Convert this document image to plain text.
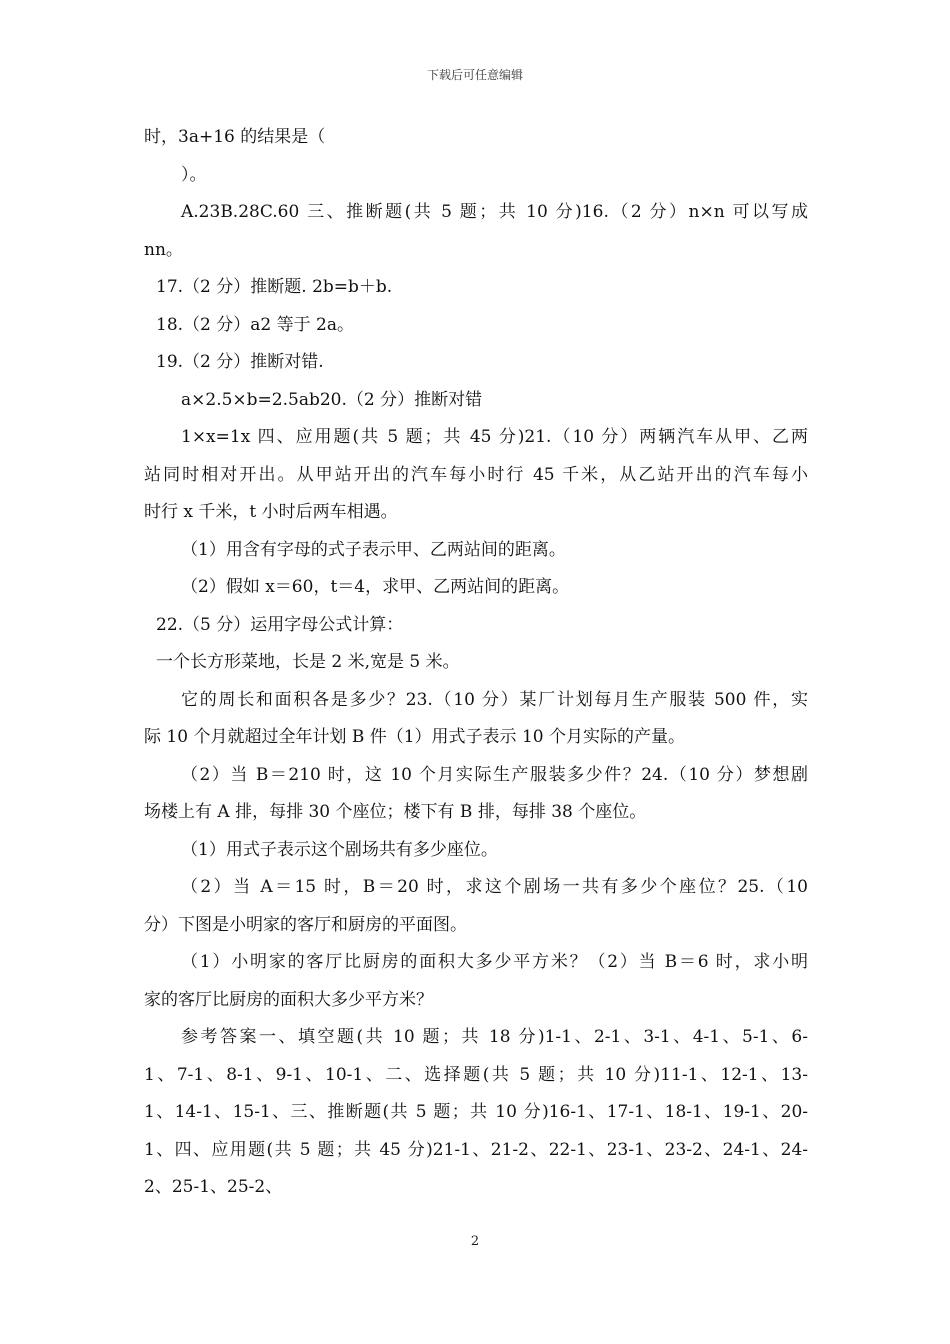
下载后可任意编辑
时，3a+16 的结果是（
）。
A.23B.28C.60 三、推断题(共 5 题；共 10 分)16.（2 分）n×n 可以写成
nn。
17.（2 分）推断题. 2b=b＋b.
18.（2 分）a2 等于 2a。
19.（2 分）推断对错.
a×2.5×b=2.5ab20.（2 分）推断对错
1×x=1x 四、应用题(共 5 题；共 45 分)21.（10 分）两辆汽车从甲、乙两
站同时相对开出。从甲站开出的汽车每小时行 45 千米，从乙站开出的汽车每小
时行 x 千米，t 小时后两车相遇。
（1）用含有字母的式子表示甲、乙两站间的距离。
（2）假如 x＝60，t＝4，求甲、乙两站间的距离。
22.（5 分）运用字母公式计算：
一个长方形菜地，长是 2 米,宽是 5 米。
它的周长和面积各是多少？23.（10 分）某厂计划每月生产服装 500 件，实
际 10 个月就超过全年计划 B 件（1）用式子表示 10 个月实际的产量。
（2）当 B＝210 时，这 10 个月实际生产服装多少件？24.（10 分）梦想剧
场楼上有 A 排，每排 30 个座位；楼下有 B 排，每排 38 个座位。
（1）用式子表示这个剧场共有多少座位。
（2）当 A＝15 时，B＝20 时，求这个剧场一共有多少个座位？25.（10
分）下图是小明家的客厅和厨房的平面图。
（1）小明家的客厅比厨房的面积大多少平方米？（2）当 B＝6 时，求小明
家的客厅比厨房的面积大多少平方米？
参考答案一、填空题(共 10 题；共 18 分)1-1、2-1、3-1、4-1、5-1、6-
1、7-1、8-1、9-1、10-1、二、选择题(共 5 题；共 10 分)11-1、12-1、13-
1、14-1、15-1、三、推断题(共 5 题；共 10 分)16-1、17-1、18-1、19-1、20-
1、四、应用题(共 5 题；共 45 分)21-1、21-2、22-1、23-1、23-2、24-1、24-
2、25-1、25-2、
2
